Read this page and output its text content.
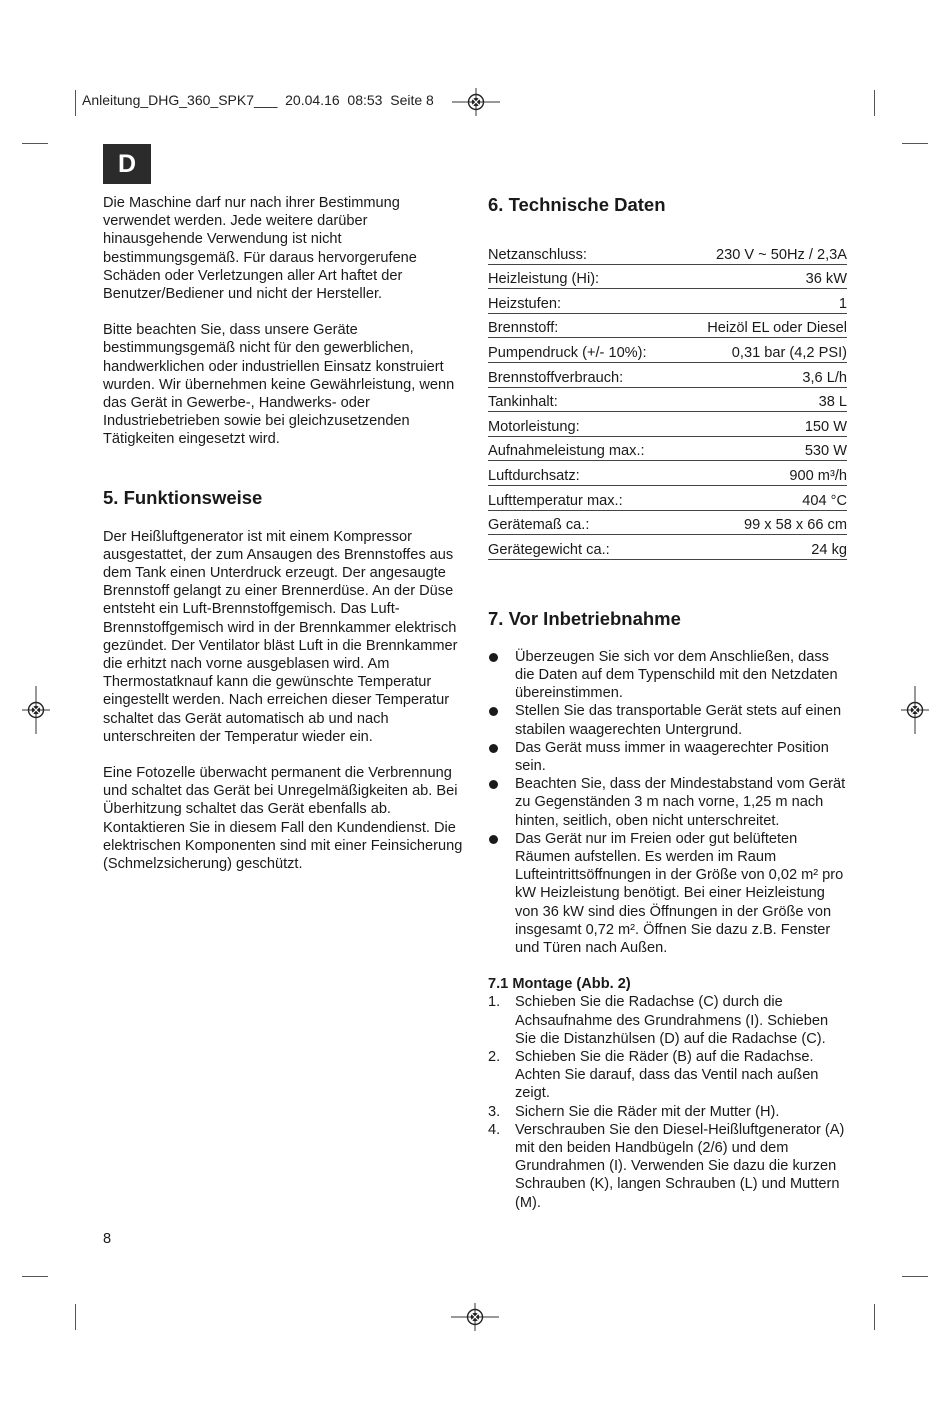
Anleitung_DHG_360_SPK7___  20.04.16  08:53  Seite 8
D

Die Maschine darf nur nach ihrer Bestimmung verwendet werden. Jede weitere darüber hinausgehende Verwendung ist nicht bestimmungsgemäß. Für daraus hervorgerufene Schäden oder Verletzungen aller Art haftet der Benutzer/Bediener und nicht der Hersteller.

Bitte beachten Sie, dass unsere Geräte bestimmungsgemäß nicht für den gewerblichen, handwerklichen oder industriellen Einsatz konstruiert wurden. Wir übernehmen keine Gewährleistung, wenn das Gerät in Gewerbe-, Handwerks- oder Industriebetrieben sowie bei gleichzusetzenden Tätigkeiten eingesetzt wird.

5. Funktionsweise

Der Heißluftgenerator ist mit einem Kompressor ausgestattet, der zum Ansaugen des Brennstoffes aus dem Tank einen Unterdruck erzeugt. Der angesaugte Brennstoff gelangt zu einer Brennerdüse. An der Düse entsteht ein Luft-Brennstoffgemisch. Das Luft-Brennstoffgemisch wird in der Brennkammer elektrisch gezündet. Der Ventilator bläst Luft in die Brennkammer die erhitzt nach vorne ausgeblasen wird. Am Thermostatknauf kann die gewünschte Temperatur eingestellt werden. Nach erreichen dieser Temperatur schaltet das Gerät automatisch ab und nach unterschreiten der Temperatur wieder ein.

Eine Fotozelle überwacht permanent die Verbrennung und schaltet das Gerät bei Unregelmäßigkeiten ab. Bei Überhitzung schaltet das Gerät ebenfalls ab. Kontaktieren Sie in diesem Fall den Kundendienst. Die elektrischen Komponenten sind mit einer Feinsicherung (Schmelzsicherung) geschützt.

6. Technische Daten
Netzanschluss:	230 V ~ 50Hz / 2,3A
Heizleistung (Hi):	36 kW
Heizstufen:	1
Brennstoff:	Heizöl EL oder Diesel
Pumpendruck (+/- 10%):	0,31 bar (4,2 PSI)
Brennstoffverbrauch:	3,6 L/h
Tankinhalt:	38 L
Motorleistung:	150 W
Aufnahmeleistung max.:	530 W
Luftdurchsatz:	900 m³/h
Lufttemperatur max.:	404 °C
Gerätemaß ca.:	99 x 58 x 66 cm
Gerätegewicht ca.:	24 kg
7. Vor Inbetriebnahme
Überzeugen Sie sich vor dem Anschließen, dass die Daten auf dem Typenschild mit den Netzdaten übereinstimmen.
Stellen Sie das transportable Gerät stets auf einen stabilen waagerechten Untergrund.
Das Gerät muss immer in waagerechter Position sein.
Beachten Sie, dass der Mindestabstand vom Gerät zu Gegenständen 3 m nach vorne, 1,25 m nach hinten, seitlich, oben nicht unterschreitet.
Das Gerät nur im Freien oder gut belüfteten Räumen aufstellen. Es werden im Raum Lufteintrittsöffnungen in der Größe von 0,02 m² pro kW Heizleistung benötigt. Bei einer Heizleistung von 36 kW sind dies Öffnungen in der Größe von insgesamt 0,72 m². Öffnen Sie dazu z.B. Fenster und Türen nach Außen.
7.1 Montage (Abb. 2)
1. Schieben Sie die Radachse (C) durch die Achsaufnahme des Grundrahmens (I). Schieben Sie die Distanzhülsen (D) auf die Radachse (C).
2. Schieben Sie die Räder (B) auf die Radachse. Achten Sie darauf, dass das Ventil nach außen zeigt.
3. Sichern Sie die Räder mit der Mutter (H).
4. Verschrauben Sie den Diesel-Heißluftgenerator (A) mit den beiden Handbügeln (2/6) und dem Grundrahmen (I). Verwenden Sie dazu die kurzen Schrauben (K), langen Schrauben (L) und Muttern (M).
8
